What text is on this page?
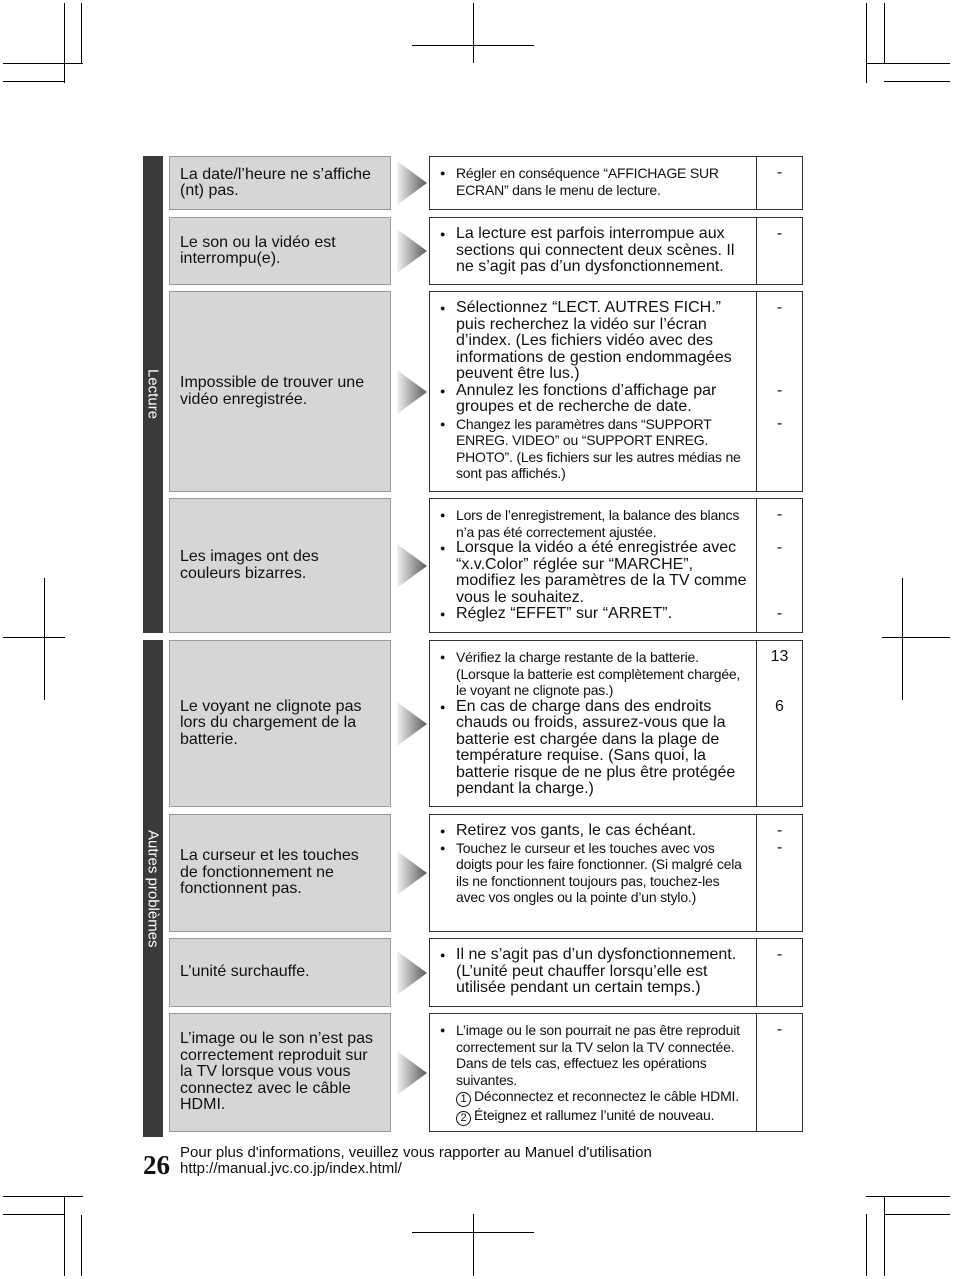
Lecture
Autres problèmes
La date/l’heure ne s’affiche (nt) pas.
● Régler en conséquence “AFFICHAGE SUR ECRAN” dans le menu de lecture.
-
Le son ou la vidéo est interrompu(e).
● La lecture est parfois interrompue aux sections qui connectent deux scènes. Il ne s’agit pas d’un dysfonctionnement.
-
Impossible de trouver une vidéo enregistrée.
● Sélectionnez “LECT. AUTRES FICH.” puis recherchez la vidéo sur l’écran d’index. (Les fichiers vidéo avec des informations de gestion endommagées peuvent être lus.)
● Annulez les fonctions d’affichage par groupes et de recherche de date.
● Changez les paramètres dans “SUPPORT ENREG. VIDEO” ou “SUPPORT ENREG. PHOTO”. (Les fichiers sur les autres médias ne sont pas affichés.)
-
-
-
Les images ont des couleurs bizarres.
● Lors de l’enregistrement, la balance des blancs n’a pas été correctement ajustée.
● Lorsque la vidéo a été enregistrée avec “x.v.Color” réglée sur “MARCHE”, modifiez les paramètres de la TV comme vous le souhaitez.
● Réglez “EFFET” sur “ARRET”.
-
-
-
Le voyant ne clignote pas lors du chargement de la batterie.
● Vérifiez la charge restante de la batterie. (Lorsque la batterie est complètement chargée, le voyant ne clignote pas.)
● En cas de charge dans des endroits chauds ou froids, assurez-vous que la batterie est chargée dans la plage de température requise. (Sans quoi, la batterie risque de ne plus être protégée pendant la charge.)
13
6
La curseur et les touches de fonctionnement ne fonctionnent pas.
● Retirez vos gants, le cas échéant.
● Touchez le curseur et les touches avec vos doigts pour les faire fonctionner. (Si malgré cela ils ne fonctionnent toujours pas, touchez-les avec vos ongles ou la pointe d’un stylo.)
-
-
L’unité surchauffe.
● Il ne s’agit pas d’un dysfonctionnement. (L’unité peut chauffer lorsqu’elle est utilisée pendant un certain temps.)
-
L’image ou le son n’est pas correctement reproduit sur la TV lorsque vous vous connectez avec le câble HDMI.
● L’image ou le son pourrait ne pas être reproduit correctement sur la TV selon la TV connectée. Dans de tels cas, effectuez les opérations suivantes.
1 Déconnectez et reconnectez le câble HDMI.
2 Éteignez et rallumez l’unité de nouveau.
-
26 Pour plus d'informations, veuillez vous rapporter au Manuel d'utilisation
http://manual.jvc.co.jp/index.html/
